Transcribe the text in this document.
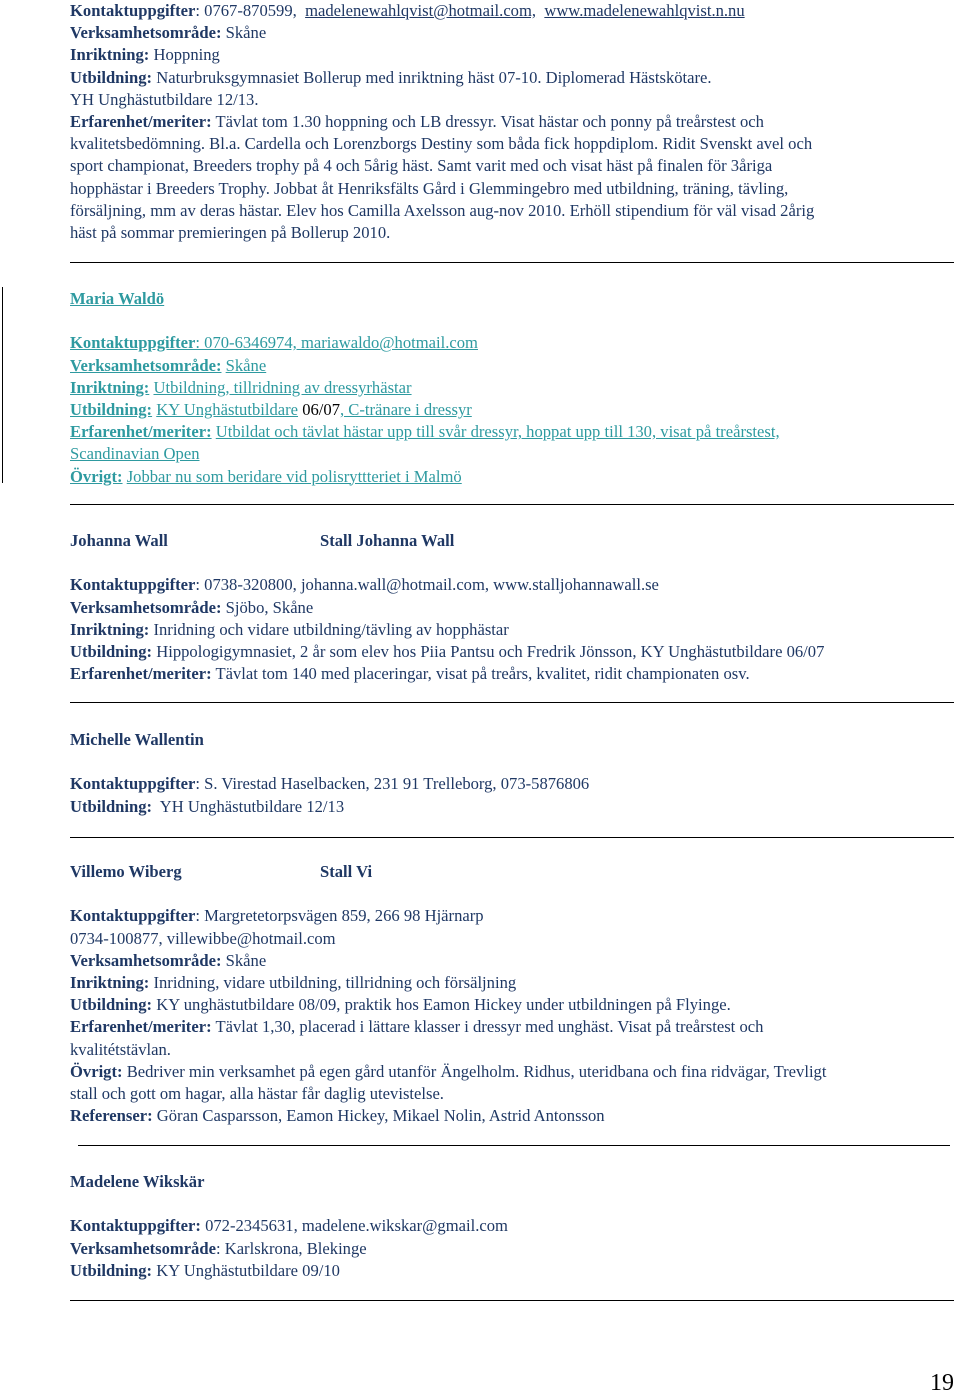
Kontaktuppgifter: 0767-870599, madelenewahlqvist@hotmail.com, www.madelenewahlqvist.n.nu
Verksamhetsområde: Skåne
Inriktning: Hoppning
Utbildning: Naturbruksgymnasiet Bollerup med inriktning häst 07-10. Diplomerad Hästskötare.
YH Unghästutbildare 12/13.
Erfarenhet/meriter: Tävlat tom 1.30 hoppning och LB dressyr. Visat hästar och ponny på treårstest och
kvalitetsbedömning. Bl.a. Cardella och Lorenzborgs Destiny som båda fick hoppdiplom. Ridit Svenskt avel och
sport championat, Breeders trophy på 4 och 5årig häst. Samt varit med och visat häst på finalen för 3åriga
hopphästar i Breeders Trophy. Jobbat åt Henriksfälts Gård i Glemmingebro med utbildning, träning, tävling,
försäljning, mm av deras hästar. Elev hos Camilla Axelsson aug-nov 2010. Erhöll stipendium för väl visad 2årig
häst på sommar premieringen på Bollerup 2010.
Maria Waldö
Kontaktuppgifter: 070-6346974, mariawaldo@hotmail.com
Verksamhetsområde: Skåne
Inriktning: Utbildning, tillridning av dressyrhästar
Utbildning: KY Unghästutbildare 06/07, C-tränare i dressyr
Erfarenhet/meriter: Utbildat och tävlat hästar upp till svår dressyr, hoppat upp till 130, visat på treårstest,
Scandinavian Open
Övrigt: Jobbar nu som beridare vid polisryttteriet i Malmö
Johanna Wall	Stall Johanna Wall
Kontaktuppgifter: 0738-320800, johanna.wall@hotmail.com, www.stalljohannawall.se
Verksamhetsområde: Sjöbo, Skåne
Inriktning: Inridning och vidare utbildning/tävling av hopphästar
Utbildning: Hippologigymnasiet, 2 år som elev hos Piia Pantsu och Fredrik Jönsson, KY Unghästutbildare 06/07
Erfarenhet/meriter: Tävlat tom 140 med placeringar, visat på treårs, kvalitet, ridit championaten osv.
Michelle Wallentin
Kontaktuppgifter: S. Virestad Haselbacken, 231 91 Trelleborg, 073-5876806
Utbildning: YH Unghästutbildare 12/13
Villemo Wiberg	Stall Vi
Kontaktuppgifter: Margretetorpsvägen 859, 266 98 Hjärnarp
0734-100877, villewibbe@hotmail.com
Verksamhetsområde: Skåne
Inriktning: Inridning, vidare utbildning, tillridning och försäljning
Utbildning: KY unghästutbildare 08/09, praktik hos Eamon Hickey under utbildningen på Flyinge.
Erfarenhet/meriter: Tävlat 1,30, placerad i lättare klasser i dressyr med unghäst. Visat på treårstest och
kvalitétstävlan.
Övrigt: Bedriver min verksamhet på egen gård utanför Ängelholm. Ridhus, uteridbana och fina ridvägar, Trevligt
stall och gott om hagar, alla hästar får daglig utevistelse.
Referenser: Göran Casparsson, Eamon Hickey, Mikael Nolin, Astrid Antonsson
Madelene Wikskär
Kontaktuppgifter: 072-2345631, madelene.wikskar@gmail.com
Verksamhetsområde: Karlskrona, Blekinge
Utbildning: KY Unghästutbildare 09/10
19
